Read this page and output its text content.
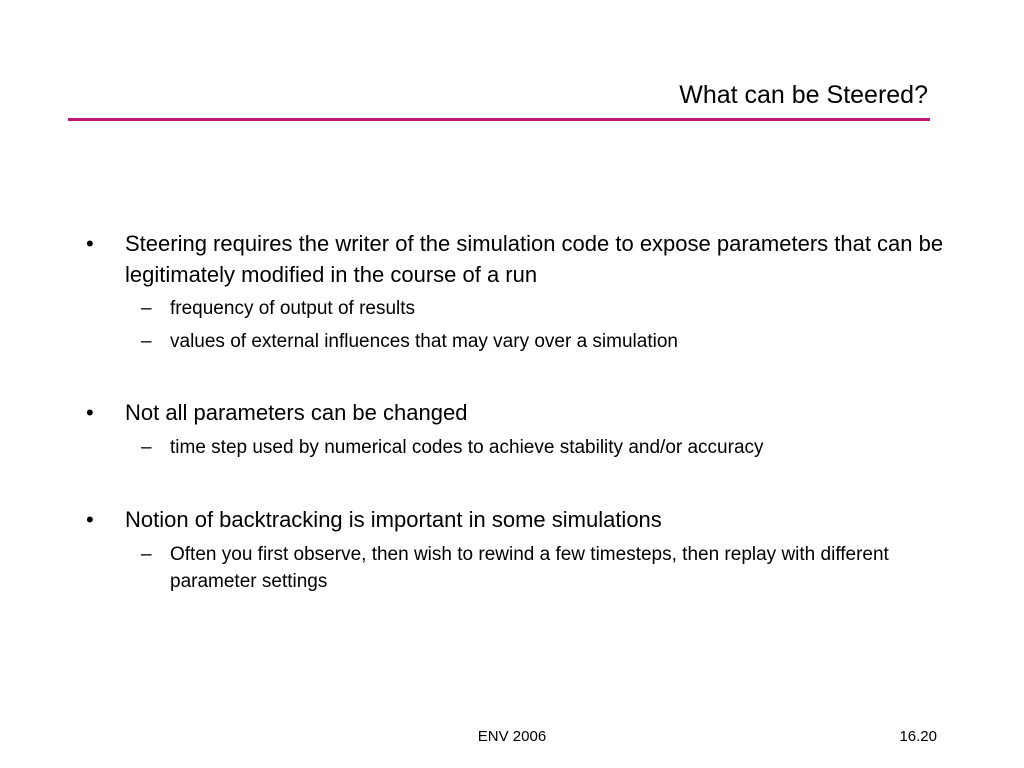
What can be Steered?
• Steering requires the writer of the simulation code to expose parameters that can be legitimately modified in the course of a run
– frequency of output of results
– values of external influences that may vary over a simulation
• Not all parameters can be changed
– time step used by numerical codes to achieve stability and/or accuracy
• Notion of backtracking is important in some simulations
– Often you first observe, then wish to rewind a few timesteps, then replay with different parameter settings
ENV 2006	16.20
